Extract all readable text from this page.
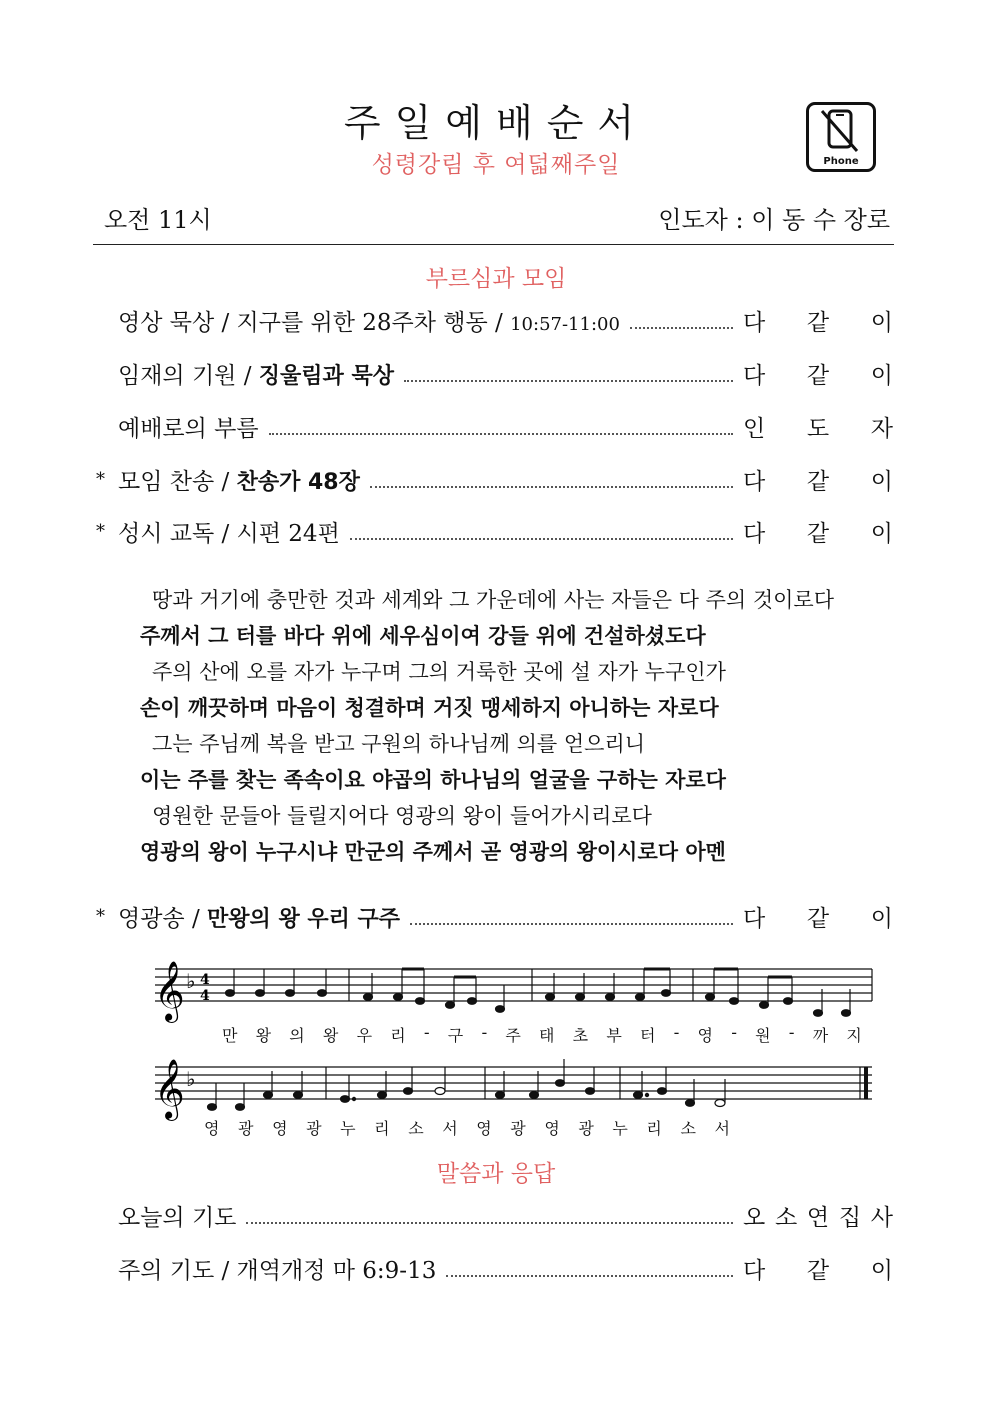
주일예배순서
성령강림 후 여덟째주일	Phone
오전 11시	인도자 : 이 동 수 장로
부르심과 모임
영상 묵상 / 지구를 위한 28주차 행동 / 10:57-11:00	다 같 이
임재의 기원 / 징울림과 묵상	다 같 이
예배로의 부름	인 도 자
* 모임 찬송 / 찬송가 48장	다 같 이
* 성시 교독 / 시편 24편	다 같 이
땅과 거기에 충만한 것과 세계와 그 가운데에 사는 자들은 다 주의 것이로다
주께서 그 터를 바다 위에 세우심이여 강들 위에 건설하셨도다
주의 산에 오를 자가 누구며 그의 거룩한 곳에 설 자가 누구인가
손이 깨끗하며 마음이 청결하며 거짓 맹세하지 아니하는 자로다
그는 주님께 복을 받고 구원의 하나님께 의를 얻으리니
이는 주를 찾는 족속이요 야곱의 하나님의 얼굴을 구하는 자로다
영원한 문들아 들릴지어다 영광의 왕이 들어가시리로다
영광의 왕이 누구시냐 만군의 주께서 곧 영광의 왕이시로다 아멘
* 영광송 / 만왕의 왕 우리 구주	다 같 이
𝄞 ♭ 4
4
𝄞 ♭
만 왕 의 왕 우 리 - 구 - 주 태 초 부 터 - 영 - 원 - 까 지
영 광 영 광 누 리 소 서 영 광 영 광 누 리 소 서
말씀과 응답
오늘의 기도	오 소 연 집 사
주의 기도 / 개역개정 마 6:9-13	다 같 이
